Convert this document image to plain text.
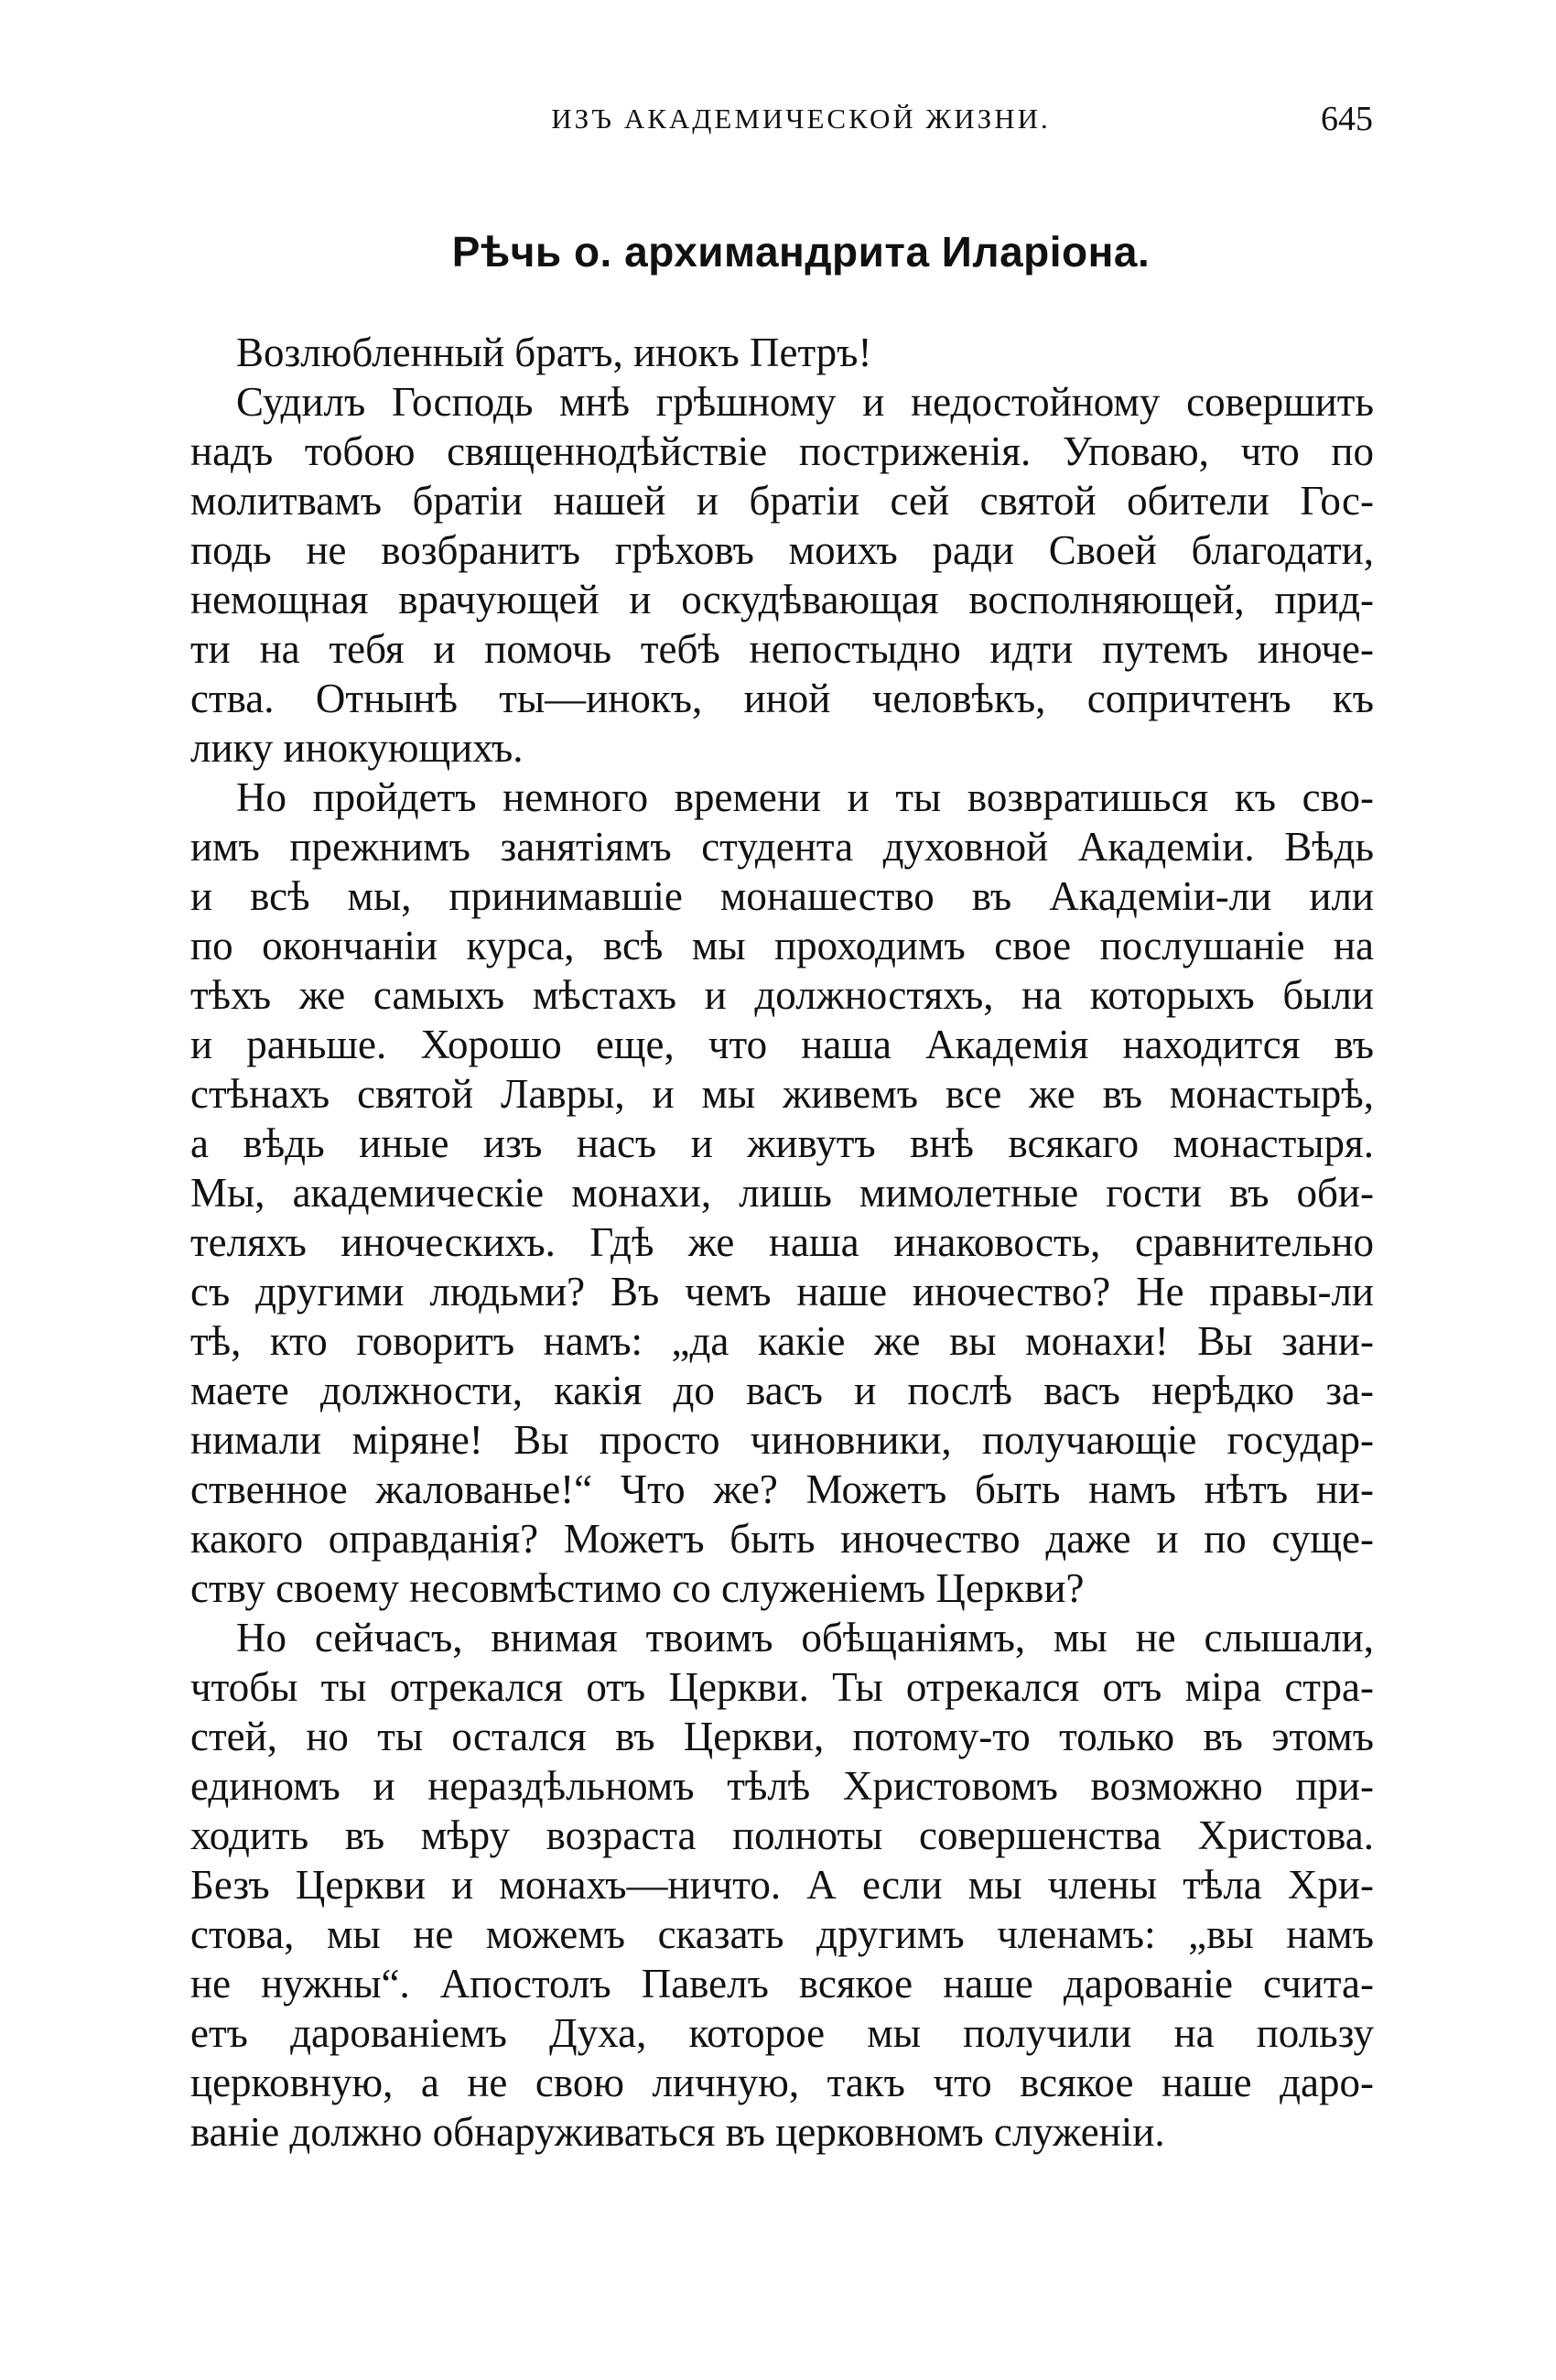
ИЗЪ АКАДЕМИЧЕСКОЙ ЖИЗНИ.	645
Рѣчь о. архимандрита Иларіона.
Возлюбленный братъ, инокъ Петръ!
Судилъ Господь мнѣ грѣшному и недостойному совершить
надъ тобою священнодѣйствіе постриженія. Уповаю, что по
молитвамъ братіи нашей и братіи сей святой обители Гос-
подь не возбранитъ грѣховъ моихъ ради Своей благодати,
немощная врачующей и оскудѣвающая восполняющей, прид-
ти на тебя и помочь тебѣ непостыдно идти путемъ иноче-
ства. Отнынѣ ты—инокъ, иной человѣкъ, сопричтенъ къ
лику инокующихъ.
Но пройдетъ немного времени и ты возвратишься къ сво-
имъ прежнимъ занятіямъ студента духовной Академіи. Вѣдь
и всѣ мы, принимавшіе монашество въ Академіи-ли или
по окончаніи курса, всѣ мы проходимъ свое послушаніе на
тѣхъ же самыхъ мѣстахъ и должностяхъ, на которыхъ были
и раньше. Хорошо еще, что наша Академія находится въ
стѣнахъ святой Лавры, и мы живемъ все же въ монастырѣ,
а вѣдь иные изъ насъ и живутъ внѣ всякаго монастыря.
Мы, академическіе монахи, лишь мимолетные гости въ оби-
теляхъ иноческихъ. Гдѣ же наша инаковость, сравнительно
съ другими людьми? Въ чемъ наше иночество? Не правы-ли
тѣ, кто говоритъ намъ: „да какіе же вы монахи! Вы зани-
маете должности, какія до васъ и послѣ васъ нерѣдко за-
нимали міряне! Вы просто чиновники, получающіе государ-
ственное жалованье!“ Что же? Можетъ быть намъ нѣтъ ни-
какого оправданія? Можетъ быть иночество даже и по суще-
ству своему несовмѣстимо со служеніемъ Церкви?
Но сейчасъ, внимая твоимъ обѣщаніямъ, мы не слышали,
чтобы ты отрекался отъ Церкви. Ты отрекался отъ міра стра-
стей, но ты остался въ Церкви, потому-то только въ этомъ
единомъ и нераздѣльномъ тѣлѣ Христовомъ возможно при-
ходить въ мѣру возраста полноты совершенства Христова.
Безъ Церкви и монахъ—ничто. А если мы члены тѣла Хри-
стова, мы не можемъ сказать другимъ членамъ: „вы намъ
не нужны“. Апостолъ Павелъ всякое наше дарованіе счита-
етъ дарованіемъ Духа, которое мы получили на пользу
церковную, а не свою личную, такъ что всякое наше даро-
ваніе должно обнаруживаться въ церковномъ служеніи.
